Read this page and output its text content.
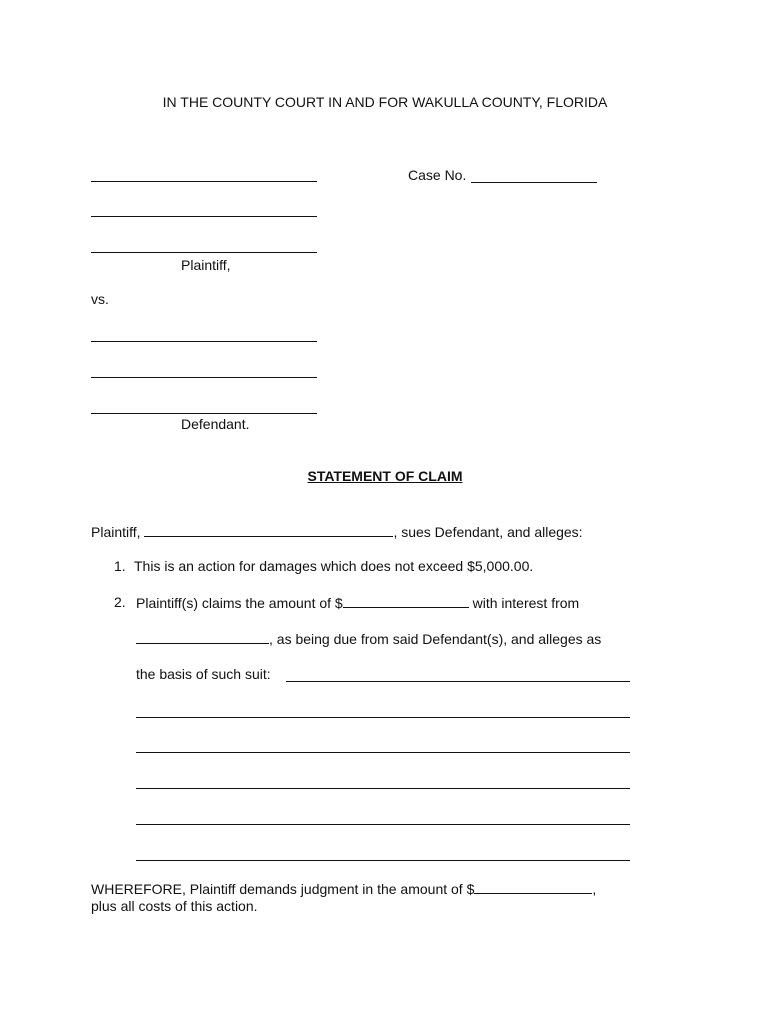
IN THE COUNTY COURT IN AND FOR WAKULLA COUNTY, FLORIDA
Plaintiff,
Case No.
vs.
Defendant.
STATEMENT OF CLAIM
Plaintiff,	, sues Defendant, and alleges:
1. This is an action for damages which does not exceed $5,000.00.
2. Plaintiff(s) claims the amount of $	with interest from
, as being due from said Defendant(s), and alleges as
the basis of such suit:
WHEREFORE, Plaintiff demands judgment in the amount of $	,
plus all costs of this action.
